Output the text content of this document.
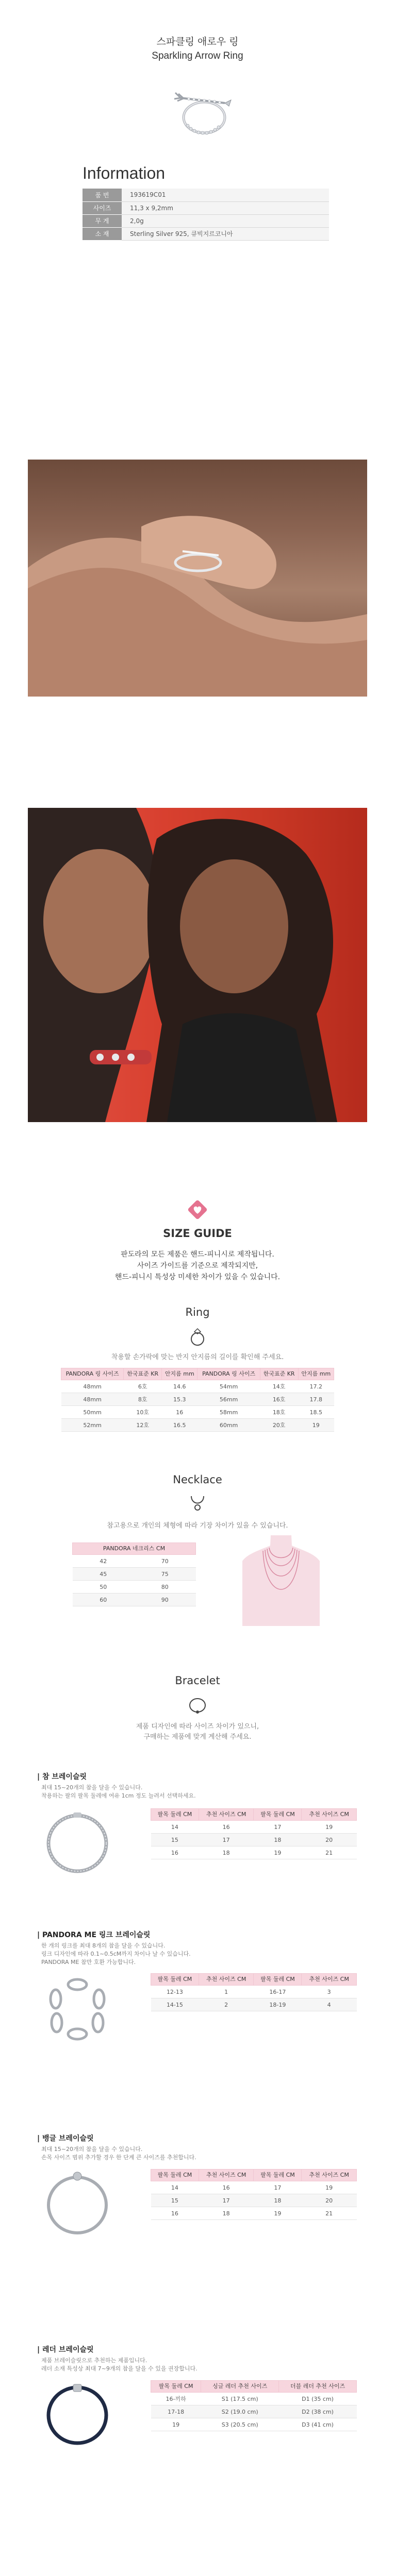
스파클링 애로우 링
Sparkling Arrow Ring
Information
품 번	193619C01
사이즈	11,3 x 9,2mm
무 게	2,0g
소 재	Sterling Silver 925, 큐빅지르코니아
SIZE GUIDE
판도라의 모든 제품은 핸드-피니시로 제작됩니다.
사이즈 가이드를 기준으로 제작되지만,
핸드-피니시 특성상 미세한 차이가 있을 수 있습니다.
Ring
착용할 손가락에 맞는 반지 안지름의 길이를 확인해 주세요.
PANDORA 링 사이즈	한국표준 KR	안지름 mm	PANDORA 링 사이즈	한국표준 KR	안지름 mm
48mm	6호	14.6	54mm	14호	17.2
48mm	8호	15.3	56mm	16호	17.8
50mm	10호	16	58mm	18호	18.5
52mm	12호	16.5	60mm	20호	19
Necklace
참고용으로 개인의 체형에 따라 기장 차이가 있을 수 있습니다.
PANDORA 네크리스 CM	
42	70
45	75
50	80
60	90
Bracelet
제품 디자인에 따라 사이즈 차이가 있으니,
구매하는 제품에 맞게 계산해 주세요.
| 참 브레이슬릿
최대 15~20개의 참을 달을 수 있습니다.
착용하는 팔의 팔목 둘레에 여유 1cm 정도 늘려서 선택하세요.
팔목 둘레 CM	추천 사이즈 CM	팔목 둘레 CM	추천 사이즈 CM
14	16	17	19
15	17	18	20
16	18	19	21
| PANDORA ME 링크 브레이슬릿
한 개의 링크를 최대 8개의 참을 달을 수 있습니다.
링크 디자인에 따라 0.1~0.5cM까지 차이나 날 수 있습니다.
PANDORA ME 참만 호환 가능합니다.
팔목 둘레 CM	추천 사이즈 CM	팔목 둘레 CM	추천 사이즈 CM
12-13	1	16-17	3
14-15	2	18-19	4
| 뱅글 브레이슬릿
최대 15~20개의 참을 달을 수 있습니다.
손목 사이즈 범위 추가할 경우 한 단계 큰 사이즈를 추천합니다.
팔목 둘레 CM	추천 사이즈 CM	팔목 둘레 CM	추천 사이즈 CM
14	16	17	19
15	17	18	20
16	18	19	21
| 레더 브레이슬릿
제품 브레이슬릿으로 추천하는 제품입니다.
레더 소재 특성상 최대 7~9개의 참을 달을 수 있을 권장합니다.
팔목 둘레 CM	싱글 레더 추천 사이즈	더블 레더 추천 사이즈
16-끼하	S1 (17.5 cm)	D1 (35 cm)
17-18	S2 (19.0 cm)	D2 (38 cm)
19	S3 (20.5 cm)	D3 (41 cm)
